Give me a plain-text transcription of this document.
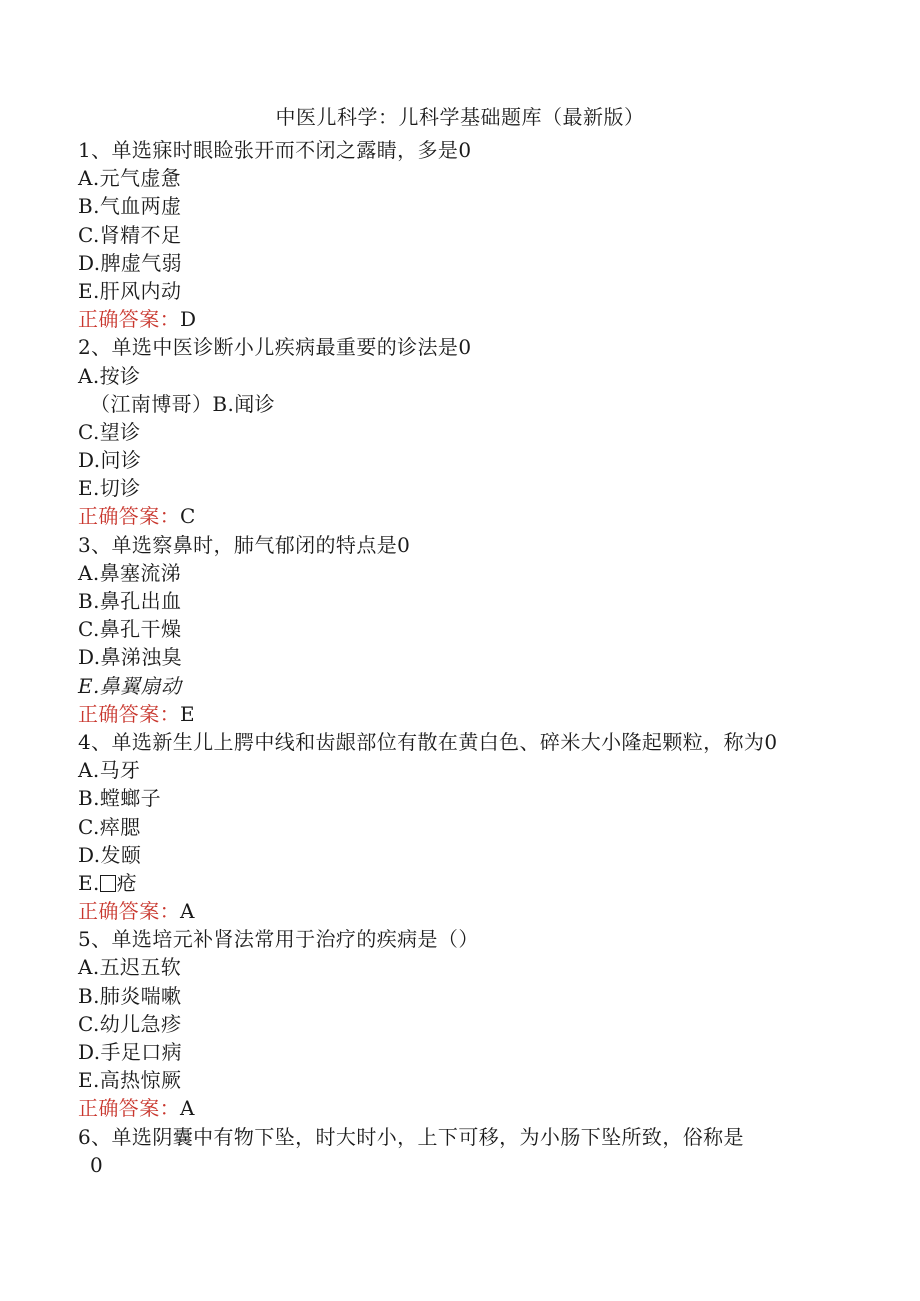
中医儿科学：儿科学基础题库（最新版）
1、单选寐时眼睑张开而不闭之露睛，多是0
A.元气虚惫
B.气血两虚
C.肾精不足
D.脾虚气弱
E.肝风内动
正确答案：D
2、单选中医诊断小儿疾病最重要的诊法是0
A.按诊
（江南博哥）B.闻诊
C.望诊
D.问诊
E.切诊
正确答案：C
3、单选察鼻时，肺气郁闭的特点是0
A.鼻塞流涕
B.鼻孔出血
C.鼻孔干燥
D.鼻涕浊臭
E.鼻翼扇动
正确答案：E
4、单选新生儿上腭中线和齿龈部位有散在黄白色、碎米大小隆起颗粒，称为0
A.马牙
B.螳螂子
C.瘁腮
D.发颐
E. 疮
正确答案：A
5、单选培元补肾法常用于治疗的疾病是（）
A.五迟五软
B.肺炎喘嗽
C.幼儿急疹
D.手足口病
E.高热惊厥
正确答案：A
6、单选阴囊中有物下坠，时大时小，上下可移，为小肠下坠所致，俗称是
0
